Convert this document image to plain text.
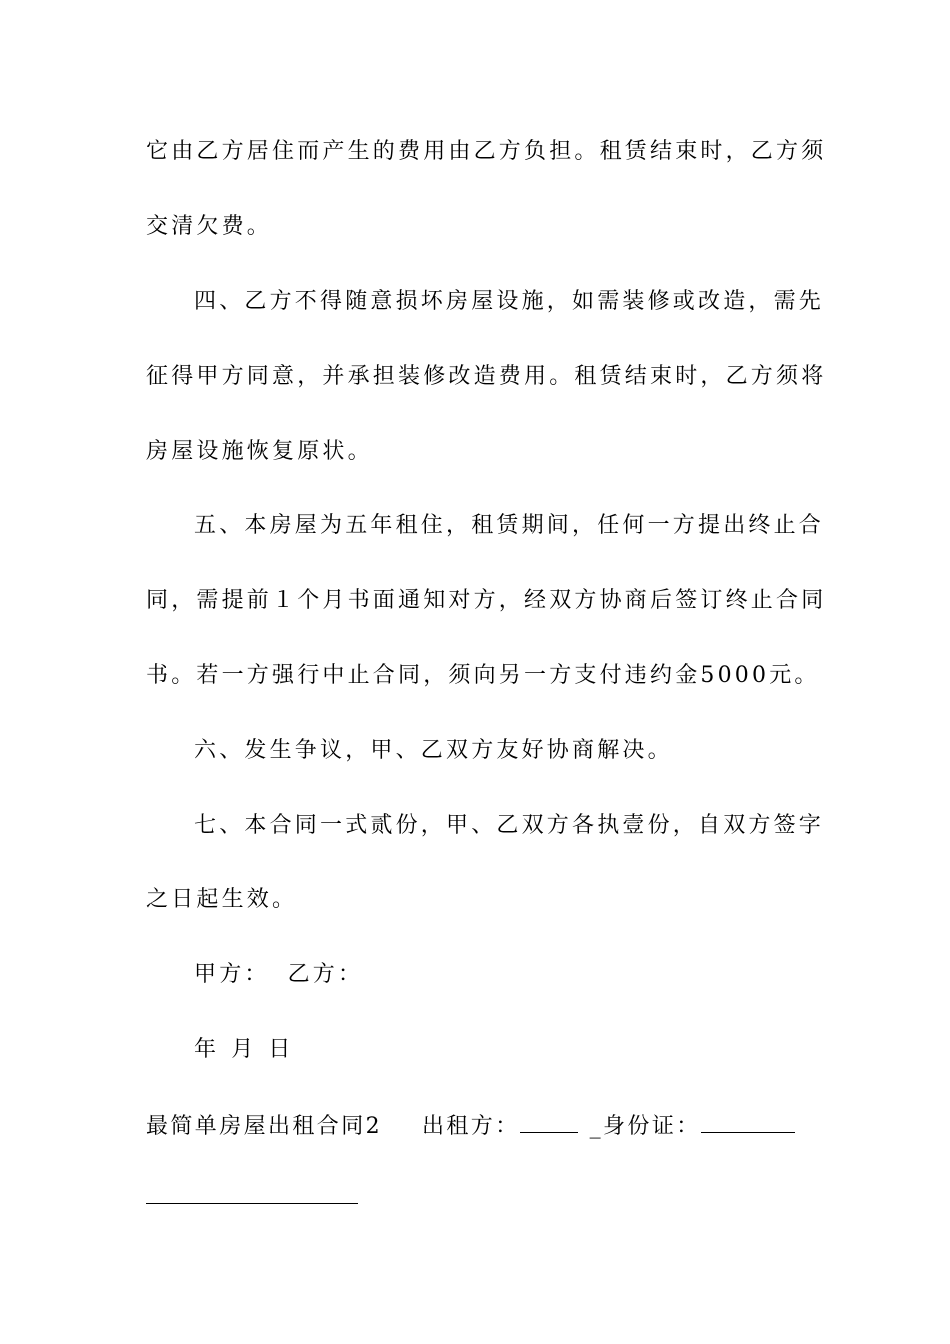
它由乙方居住而产生的费用由乙方负担。租赁结束时，乙方须
交清欠费。
四、乙方不得随意损坏房屋设施，如需装修或改造，需先
征得甲方同意，并承担装修改造费用。租赁结束时，乙方须将
房屋设施恢复原状。
五、本房屋为五年租住，租赁期间，任何一方提出终止合
同，需提前１个月书面通知对方，经双方协商后签订终止合同
书。若一方强行中止合同，须向另一方支付违约金5000元。
六、发生争议，甲、乙双方友好协商解决。
七、本合同一式贰份，甲、乙双方各执壹份，自双方签字
之日起生效。
甲方： 乙方：
年 月 日
最简单房屋出租合同2 出租方：	_身份证：
